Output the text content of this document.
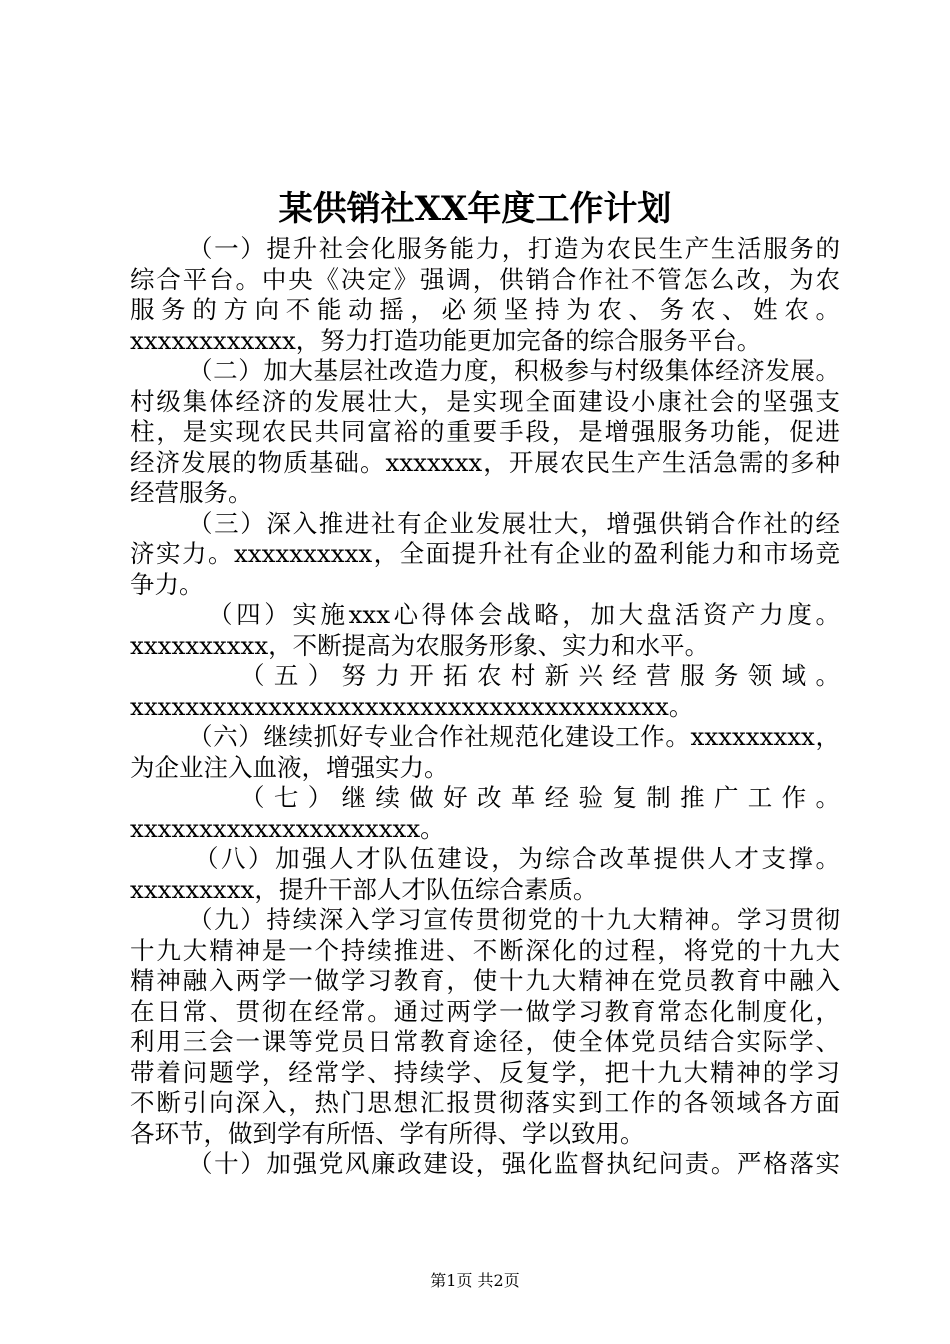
某供销社XX年度工作计划
（一）提升社会化服务能力，打造为农民生产生活服务的
综合平台。中央《决定》强调，供销合作社不管怎么改，为农
服务的方向不能动摇，必须坚持为农、务农、姓农。
xxxxxxxxxxxx，努力打造功能更加完备的综合服务平台。
（二）加大基层社改造力度，积极参与村级集体经济发展。
村级集体经济的发展壮大，是实现全面建设小康社会的坚强支
柱，是实现农民共同富裕的重要手段，是增强服务功能，促进
经济发展的物质基础。xxxxxxx，开展农民生产生活急需的多种
经营服务。
（三）深入推进社有企业发展壮大，增强供销合作社的经
济实力。xxxxxxxxxx，全面提升社有企业的盈利能力和市场竞
争力。
（四）实施xxx心得体会战略，加大盘活资产力度。
xxxxxxxxxx，不断提高为农服务形象、实力和水平。
（五）努力开拓农村新兴经营服务领域。
xxxxxxxxxxxxxxxxxxxxxxxxxxxxxxxxxxxxxxx。
（六）继续抓好专业合作社规范化建设工作。xxxxxxxxx，
为企业注入血液，增强实力。
（七）继续做好改革经验复制推广工作。
xxxxxxxxxxxxxxxxxxxxx。
（八）加强人才队伍建设，为综合改革提供人才支撑。
xxxxxxxxx，提升干部人才队伍综合素质。
（九）持续深入学习宣传贯彻党的十九大精神。学习贯彻
十九大精神是一个持续推进、不断深化的过程，将党的十九大
精神融入两学一做学习教育，使十九大精神在党员教育中融入
在日常、贯彻在经常。通过两学一做学习教育常态化制度化，
利用三会一课等党员日常教育途径，使全体党员结合实际学、
带着问题学，经常学、持续学、反复学，把十九大精神的学习
不断引向深入，热门思想汇报贯彻落实到工作的各领域各方面
各环节，做到学有所悟、学有所得、学以致用。
（十）加强党风廉政建设，强化监督执纪问责。严格落实
第1页 共2页
